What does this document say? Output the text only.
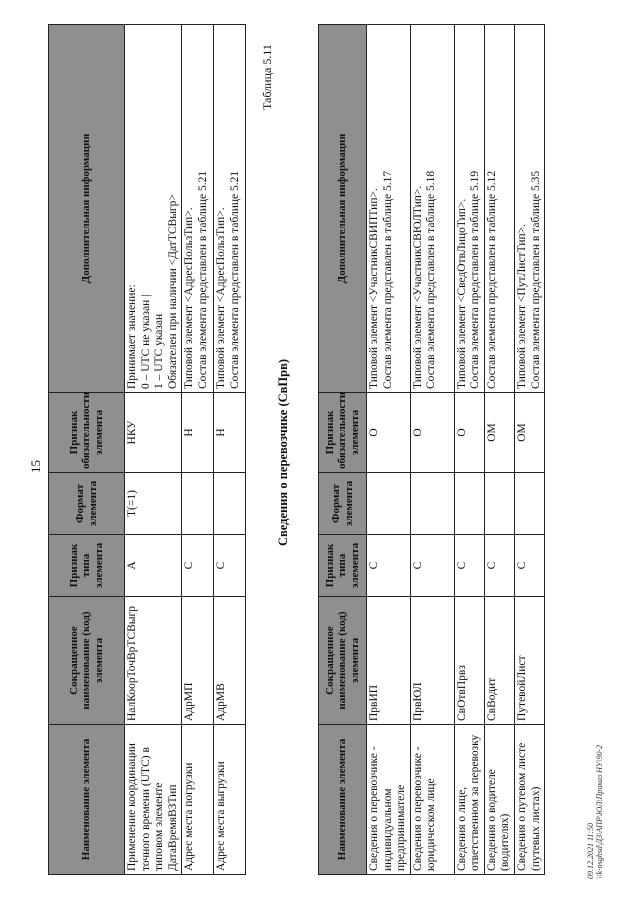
15
Наименование элемента	Сокращенное наименование (код) элемента	Признак типа элемента	Формат элемента	Признак обязательности элемента	Дополнительная информация
Применение координации точного времени (UTC) в типовом элементе ДатаВремяВЗТип	НалКоорТочВрТСВыгр	А	Т(=1)	НКУ	Принимает значение: 0 – UTC не указан | 1 – UTC указан Обязателен при наличии <ДатТСВыгр>

Адрес места погрузки	АдрМП	С		Н	Типовой элемент <АдресПользТип>. Состав элемента представлен в таблице 5.21

Адрес места выгрузки	АдрМВ	С		Н	Типовой элемент <АдресПользТип>. Состав элемента представлен в таблице 5.21
Таблица 5.11
Сведения о перевозчике (СвПрв)
Наименование элемента	Сокращенное наименование (код) элемента	Признак типа элемента	Формат элемента	Признак обязательности элемента	Дополнительная информация
Сведения о перевозчике - индивидуальном предпринимателе	ПрвИП	С		О	Типовой элемент <УчастникСВИПТип>. Состав элемента представлен в таблице 5.17

Сведения о перевозчике - юридическом лице	ПрвЮЛ	С		О	Типовой элемент <УчастникСВЮЛТип>. Состав элемента представлен в таблице 5.18

Сведения о лице, ответственном за перевозку	СвОтвПрвз	С		О	Типовой элемент <СведОтвЛицоТип>. Состав элемента представлен в таблице 5.19

Сведения о водителе (водителях)	СвВодит	С		ОМ	Состав элемента представлен в таблице 5.12

Сведения о путевом листе (путевых листах)	ПутевойЛист	С		ОМ	Типовой элемент <ПутЛистТип>. Состав элемента представлен в таблице 5.35
09.12.2021 11:50 \\k-nsghsd\ДЗ\АПР\ЮЛ\Приказ НУ\90-2
